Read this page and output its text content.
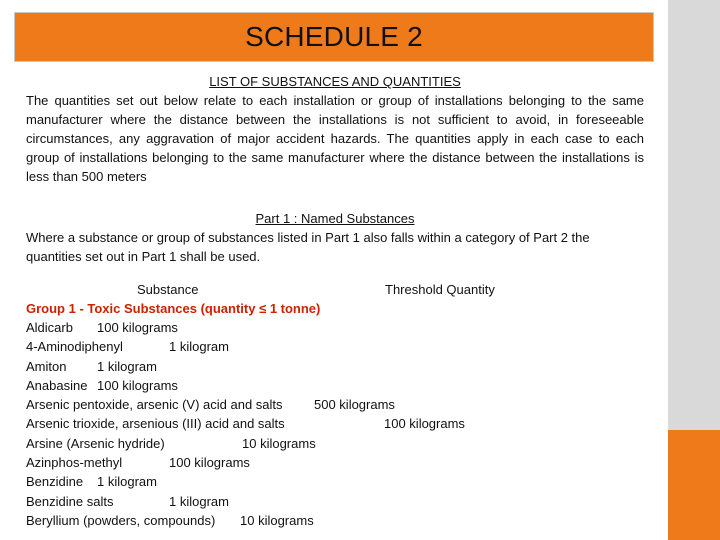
SCHEDULE 2
LIST OF SUBSTANCES AND QUANTITIES
The quantities set out below relate to each installation or group of installations belonging to the same manufacturer where the distance between the installations is not sufficient to avoid, in foreseeable circumstances, any aggravation of major accident hazards. The quantities apply in each case to each group of installations belonging to the same manufacturer where the distance between the installations is less than 500 meters
Part 1 : Named Substances
Where a substance or group of substances listed in Part 1 also falls within a category of Part 2 the quantities set out in Part 1 shall be used.
Substance	Threshold Quantity
Group 1 - Toxic Substances (quantity ≤ 1 tonne)
Aldicarb 100 kilograms
4-Aminodiphenyl	1 kilogram
Amiton 1 kilogram
Anabasine 100 kilograms
Arsenic pentoxide, arsenic (V) acid and salts 500 kilograms
Arsenic trioxide, arsenious (III) acid and salts	100 kilograms
Arsine (Arsenic hydride)	10 kilograms
Azinphos-methyl	100 kilograms
Benzidine 1 kilogram
Benzidine salts	1 kilogram
Beryllium (powders, compounds) 10 kilograms
